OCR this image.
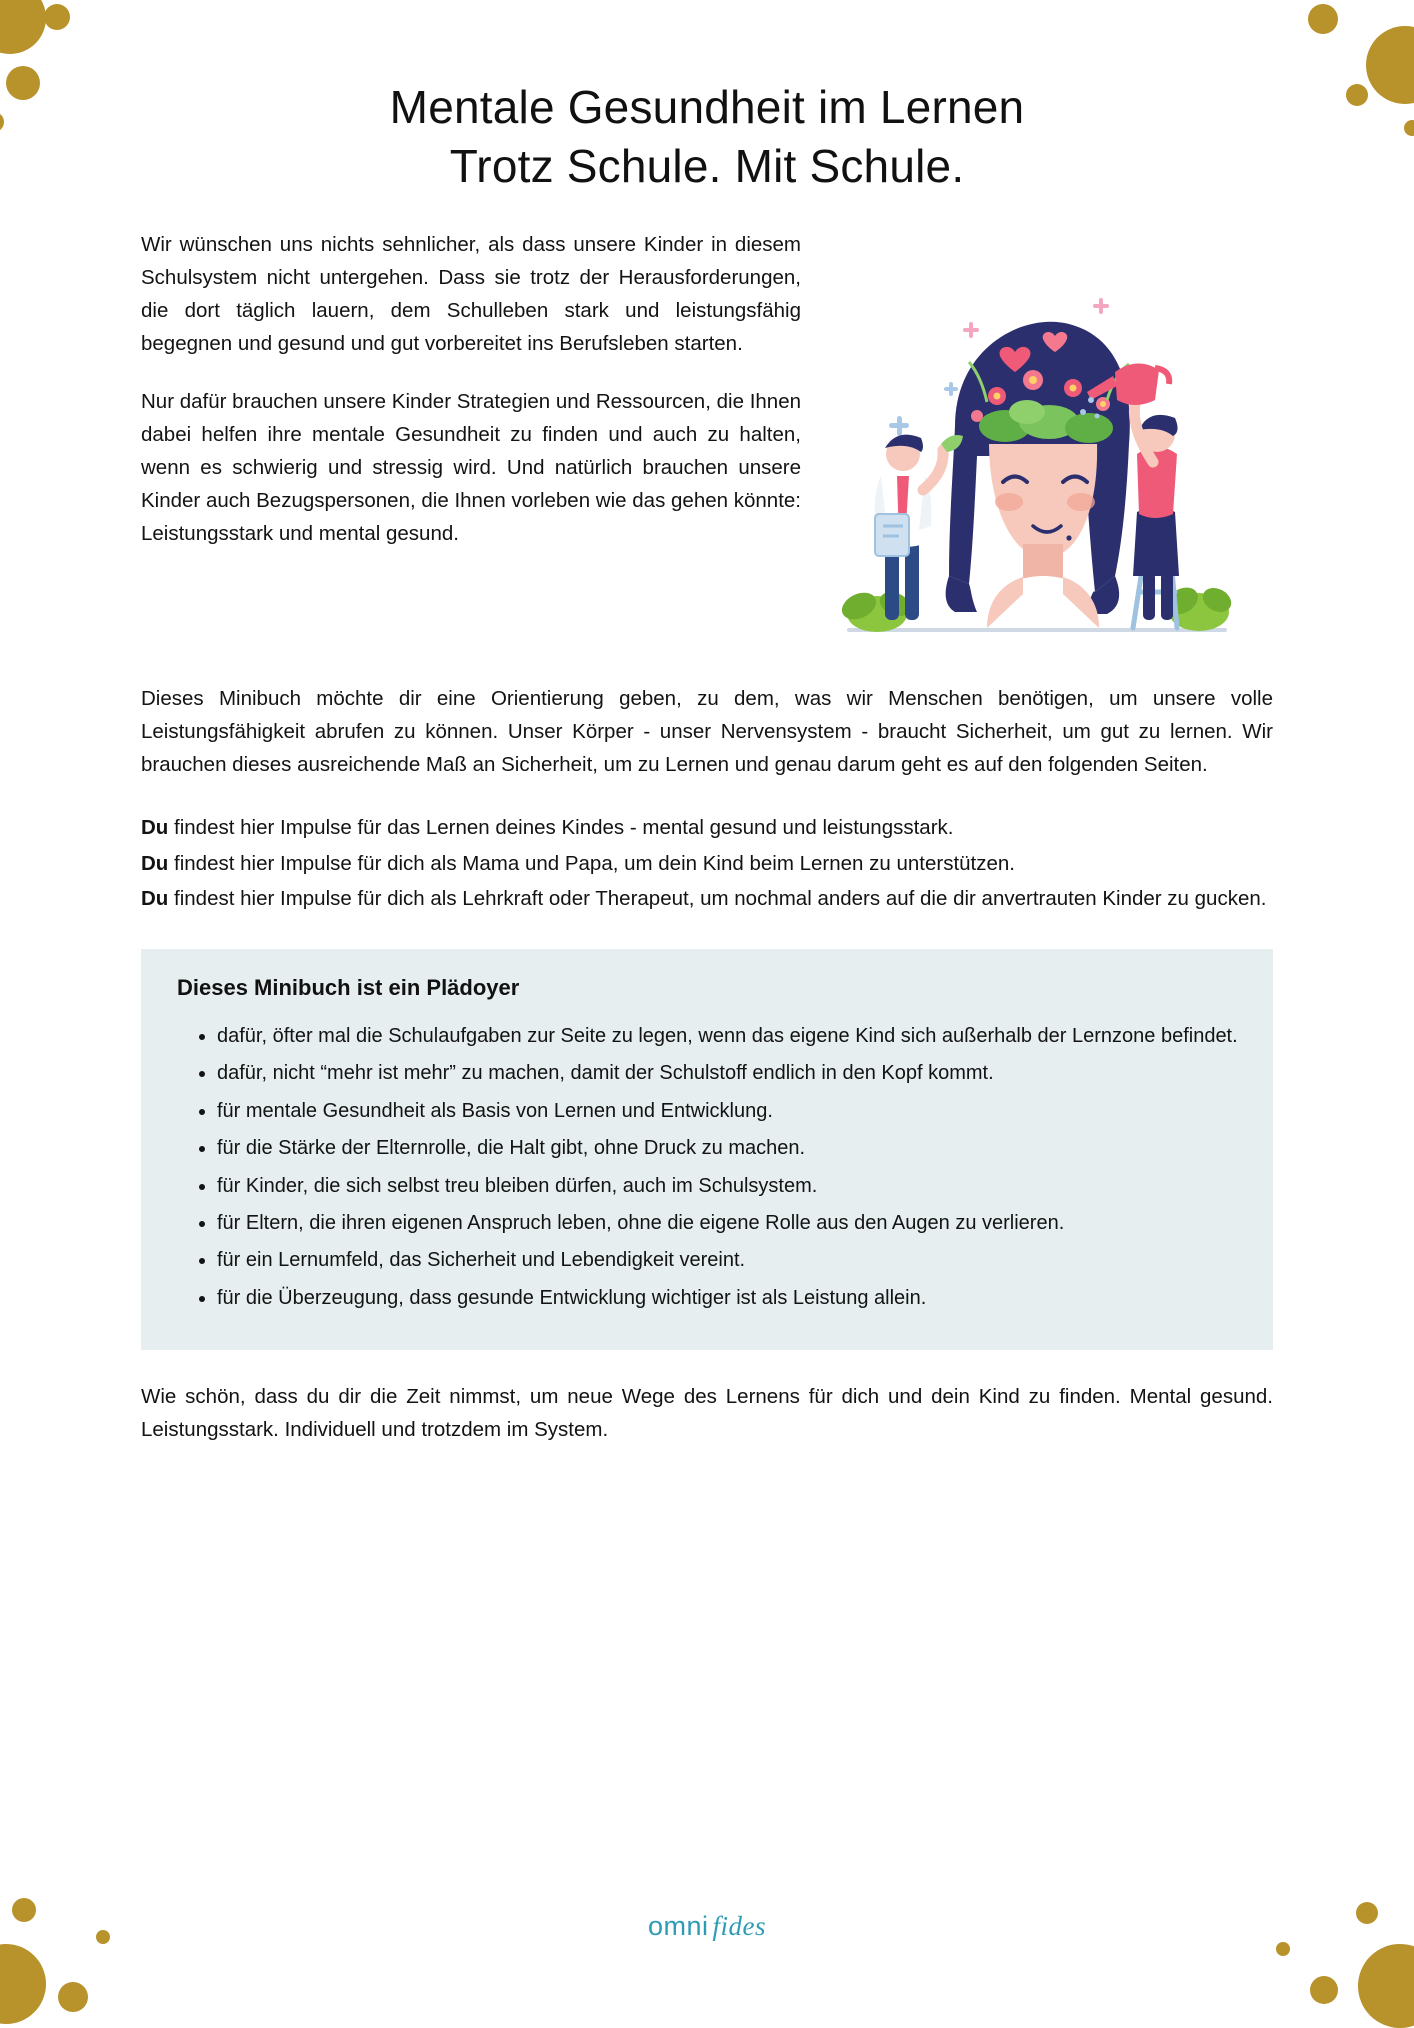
Mentale Gesundheit im Lernen
Trotz Schule. Mit Schule.

Wir wünschen uns nichts sehnlicher, als dass unsere Kinder in diesem Schulsystem nicht untergehen. Dass sie trotz der Herausforderungen, die dort täglich lauern, dem Schulleben stark und leistungsfähig begegnen und gesund und gut vorbereitet ins Berufsleben starten.

Nur dafür brauchen unsere Kinder Strategien und Ressourcen, die Ihnen dabei helfen ihre mentale Gesundheit zu finden und auch zu halten, wenn es schwierig und stressig wird. Und natürlich brauchen unsere Kinder auch Bezugspersonen, die Ihnen vorleben wie das gehen könnte: Leistungsstark und mental gesund.

Dieses Minibuch möchte dir eine Orientierung geben, zu dem, was wir Menschen benötigen, um unsere volle Leistungsfähigkeit abrufen zu können. Unser Körper - unser Nervensystem - braucht Sicherheit, um gut zu lernen. Wir brauchen dieses ausreichende Maß an Sicherheit, um zu Lernen und genau darum geht es auf den folgenden Seiten.

Du findest hier Impulse für das Lernen deines Kindes - mental gesund und leistungsstark.
Du findest hier Impulse für dich als Mama und Papa, um dein Kind beim Lernen zu unterstützen.
Du findest hier Impulse für dich als Lehrkraft oder Therapeut, um nochmal anders auf die dir anvertrauten Kinder zu gucken.
Dieses Minibuch ist ein Plädoyer
• dafür, öfter mal die Schulaufgaben zur Seite zu legen, wenn das eigene Kind sich außerhalb der Lernzone befindet.
• dafür, nicht “mehr ist mehr” zu machen, damit der Schulstoff endlich in den Kopf kommt.
• für mentale Gesundheit als Basis von Lernen und Entwicklung.
• für die Stärke der Elternrolle, die Halt gibt, ohne Druck zu machen.
• für Kinder, die sich selbst treu bleiben dürfen, auch im Schulsystem.
• für Eltern, die ihren eigenen Anspruch leben, ohne die eigene Rolle aus den Augen zu verlieren.
• für ein Lernumfeld, das Sicherheit und Lebendigkeit vereint.
• für die Überzeugung, dass gesunde Entwicklung wichtiger ist als Leistung allein.

Wie schön, dass du dir die Zeit nimmst, um neue Wege des Lernens für dich und dein Kind zu finden. Mental gesund. Leistungsstark. Individuell und trotzdem im System.

omni fides
